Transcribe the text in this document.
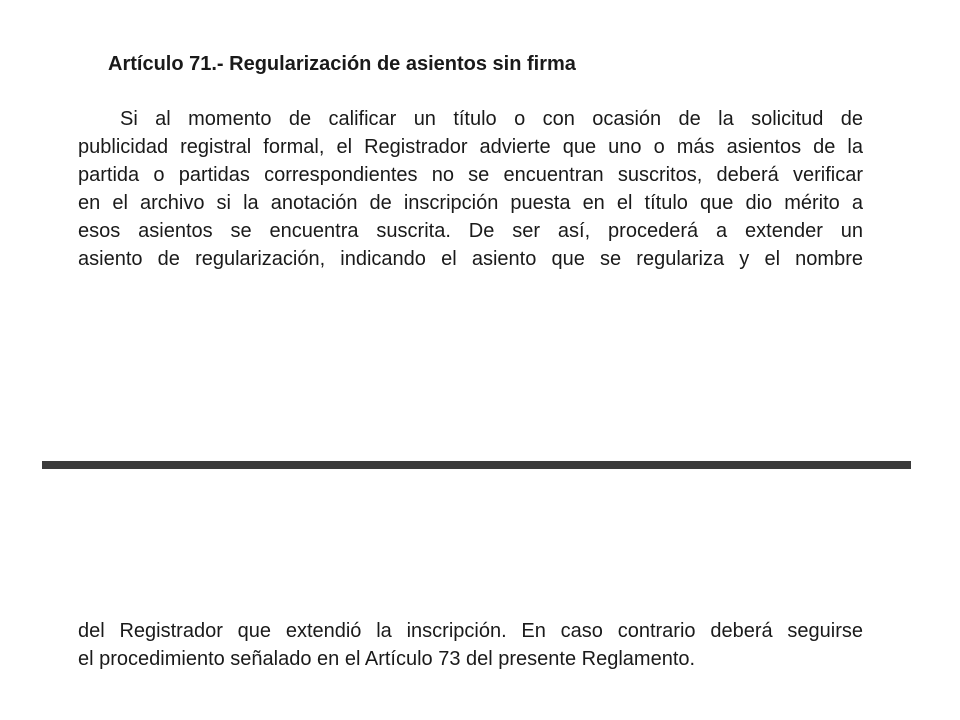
Artículo 71.- Regularización de asientos sin firma
Si al momento de calificar un título o con ocasión de la solicitud de
publicidad registral formal, el Registrador advierte que uno o más asientos de la
partida o partidas correspondientes no se encuentran suscritos, deberá verificar
en el archivo si la anotación de inscripción puesta en el título que dio mérito a
esos asientos se encuentra suscrita. De ser así, procederá a extender un
asiento de regularización, indicando el asiento que se regulariza y el nombre
del Registrador que extendió la inscripción. En caso contrario deberá seguirse
el procedimiento señalado en el Artículo 73 del presente Reglamento.
